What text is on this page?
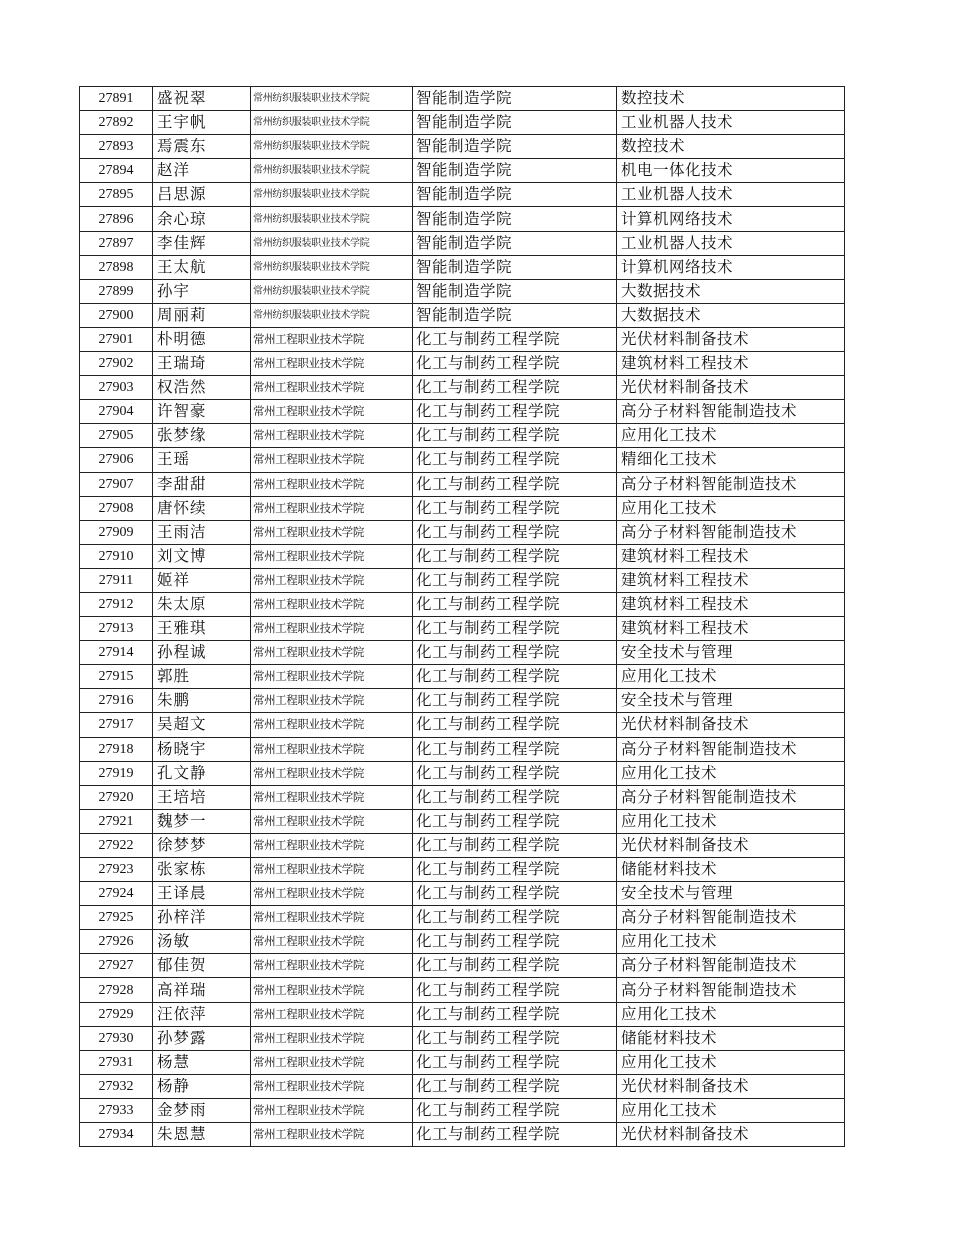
27891	盛祝翠	常州纺织服装职业技术学院	智能制造学院	数控技术
27892	王宇帆	常州纺织服装职业技术学院	智能制造学院	工业机器人技术
27893	焉震东	常州纺织服装职业技术学院	智能制造学院	数控技术
27894	赵洋	常州纺织服装职业技术学院	智能制造学院	机电一体化技术
27895	吕思源	常州纺织服装职业技术学院	智能制造学院	工业机器人技术
27896	余心琼	常州纺织服装职业技术学院	智能制造学院	计算机网络技术
27897	李佳辉	常州纺织服装职业技术学院	智能制造学院	工业机器人技术
27898	王太航	常州纺织服装职业技术学院	智能制造学院	计算机网络技术
27899	孙宇	常州纺织服装职业技术学院	智能制造学院	大数据技术
27900	周丽莉	常州纺织服装职业技术学院	智能制造学院	大数据技术
27901	朴明德	常州工程职业技术学院	化工与制药工程学院	光伏材料制备技术
27902	王瑞琦	常州工程职业技术学院	化工与制药工程学院	建筑材料工程技术
27903	权浩然	常州工程职业技术学院	化工与制药工程学院	光伏材料制备技术
27904	许智豪	常州工程职业技术学院	化工与制药工程学院	高分子材料智能制造技术
27905	张梦缘	常州工程职业技术学院	化工与制药工程学院	应用化工技术
27906	王瑶	常州工程职业技术学院	化工与制药工程学院	精细化工技术
27907	李甜甜	常州工程职业技术学院	化工与制药工程学院	高分子材料智能制造技术
27908	唐怀续	常州工程职业技术学院	化工与制药工程学院	应用化工技术
27909	王雨洁	常州工程职业技术学院	化工与制药工程学院	高分子材料智能制造技术
27910	刘文博	常州工程职业技术学院	化工与制药工程学院	建筑材料工程技术
27911	姬祥	常州工程职业技术学院	化工与制药工程学院	建筑材料工程技术
27912	朱太原	常州工程职业技术学院	化工与制药工程学院	建筑材料工程技术
27913	王雅琪	常州工程职业技术学院	化工与制药工程学院	建筑材料工程技术
27914	孙程诚	常州工程职业技术学院	化工与制药工程学院	安全技术与管理
27915	郭胜	常州工程职业技术学院	化工与制药工程学院	应用化工技术
27916	朱鹏	常州工程职业技术学院	化工与制药工程学院	安全技术与管理
27917	吴超文	常州工程职业技术学院	化工与制药工程学院	光伏材料制备技术
27918	杨晓宇	常州工程职业技术学院	化工与制药工程学院	高分子材料智能制造技术
27919	孔文静	常州工程职业技术学院	化工与制药工程学院	应用化工技术
27920	王培培	常州工程职业技术学院	化工与制药工程学院	高分子材料智能制造技术
27921	魏梦一	常州工程职业技术学院	化工与制药工程学院	应用化工技术
27922	徐梦梦	常州工程职业技术学院	化工与制药工程学院	光伏材料制备技术
27923	张家栋	常州工程职业技术学院	化工与制药工程学院	储能材料技术
27924	王译晨	常州工程职业技术学院	化工与制药工程学院	安全技术与管理
27925	孙梓洋	常州工程职业技术学院	化工与制药工程学院	高分子材料智能制造技术
27926	汤敏	常州工程职业技术学院	化工与制药工程学院	应用化工技术
27927	郁佳贺	常州工程职业技术学院	化工与制药工程学院	高分子材料智能制造技术
27928	高祥瑞	常州工程职业技术学院	化工与制药工程学院	高分子材料智能制造技术
27929	汪依萍	常州工程职业技术学院	化工与制药工程学院	应用化工技术
27930	孙梦露	常州工程职业技术学院	化工与制药工程学院	储能材料技术
27931	杨慧	常州工程职业技术学院	化工与制药工程学院	应用化工技术
27932	杨静	常州工程职业技术学院	化工与制药工程学院	光伏材料制备技术
27933	金梦雨	常州工程职业技术学院	化工与制药工程学院	应用化工技术
27934	朱恩慧	常州工程职业技术学院	化工与制药工程学院	光伏材料制备技术
